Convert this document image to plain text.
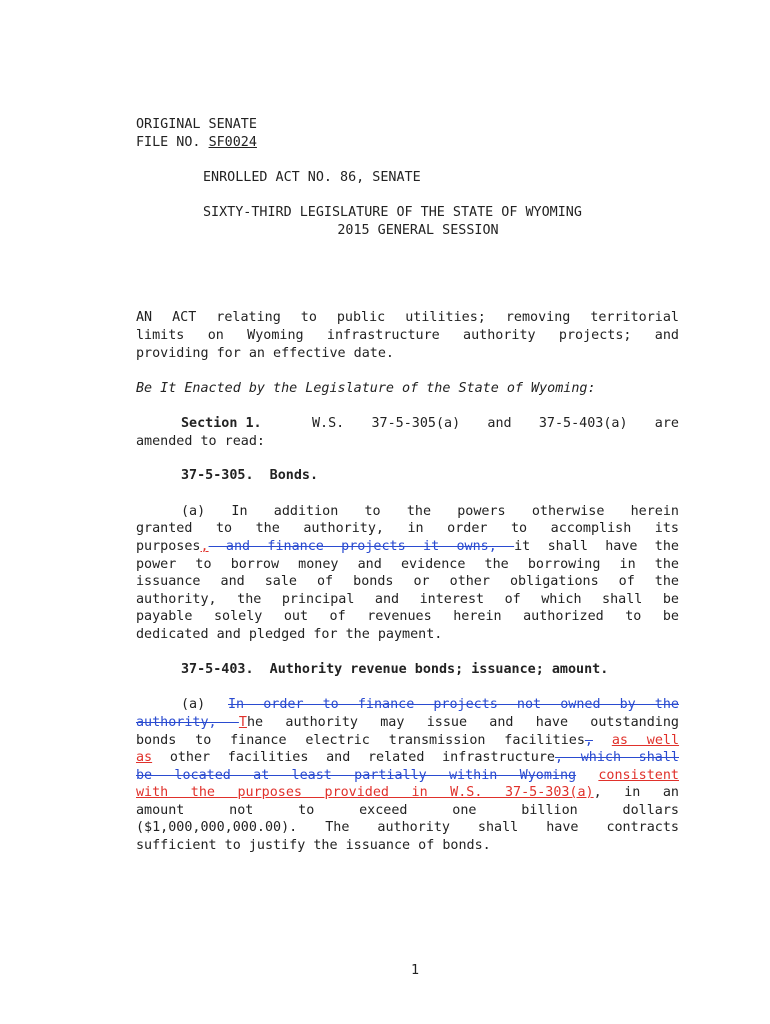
ORIGINAL SENATE
FILE NO. SF0024
ENROLLED ACT NO. 86, SENATE
SIXTY-THIRD LEGISLATURE OF THE STATE OF WYOMING
2015 GENERAL SESSION
AN ACT relating to public utilities; removing territorial
limits on Wyoming infrastructure authority projects; and
providing for an effective date.
Be It Enacted by the Legislature of the State of Wyoming:
Section 1.	W.S. 37-5-305(a) and 37-5-403(a) are
amended to read:
37-5-305.  Bonds.
(a) In addition to the powers otherwise herein
granted to the authority, in order to accomplish its
purposes, and finance projects it owns, it shall have the
power to borrow money and evidence the borrowing in the
issuance and sale of bonds or other obligations of the
authority, the principal and interest of which shall be
payable solely out of revenues herein authorized to be
dedicated and pledged for the payment.
37-5-403.  Authority revenue bonds; issuance; amount.
(a) In order to finance projects not owned by the
authority, The authority may issue and have outstanding
bonds to finance electric transmission facilities, as well
as other facilities and related infrastructure, which shall
be located at least partially within Wyoming consistent
with the purposes provided in W.S. 37-5-303(a), in an
amount not to exceed one billion dollars
($1,000,000,000.00). The authority shall have contracts
sufficient to justify the issuance of bonds.
1
